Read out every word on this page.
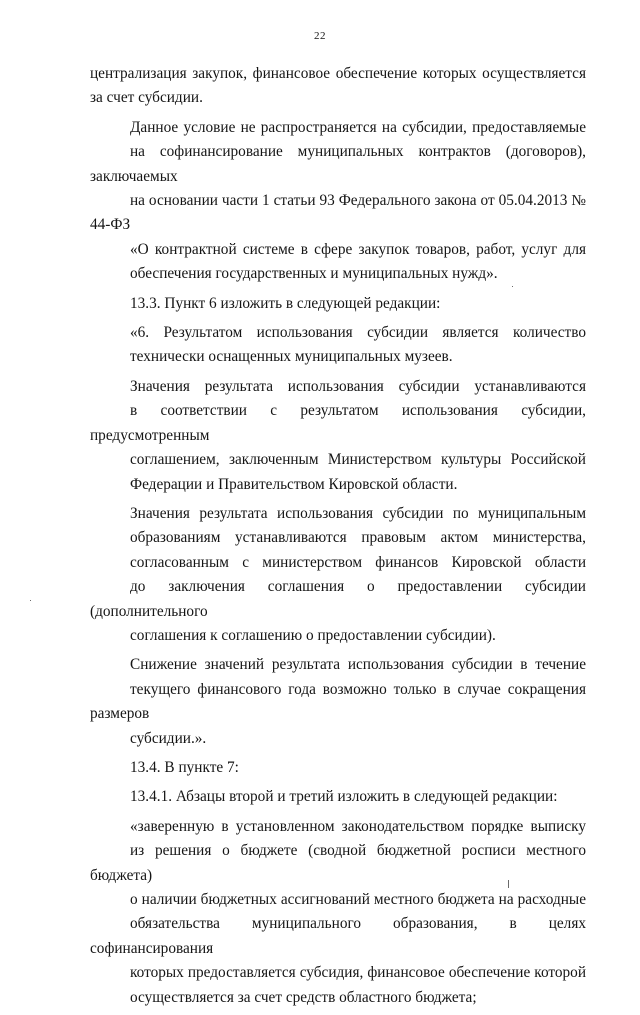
22

централизация закупок, финансовое обеспечение которых осуществляется
за счет субсидии.

Данное условие не распространяется на субсидии, предоставляемые
на софинансирование муниципальных контрактов (договоров), заключаемых
на основании части 1 статьи 93 Федерального закона от 05.04.2013 № 44-ФЗ
«О контрактной системе в сфере закупок товаров, работ, услуг для
обеспечения государственных и муниципальных нужд».

13.3. Пункт 6 изложить в следующей редакции:

«6. Результатом использования субсидии является количество
технически оснащенных муниципальных музеев.

Значения результата использования субсидии устанавливаются
в соответствии с результатом использования субсидии, предусмотренным
соглашением, заключенным Министерством культуры Российской
Федерации и Правительством Кировской области.

Значения результата использования субсидии по муниципальным
образованиям устанавливаются правовым актом министерства,
согласованным с министерством финансов Кировской области
до заключения соглашения о предоставлении субсидии (дополнительного
соглашения к соглашению о предоставлении субсидии).

Снижение значений результата использования субсидии в течение
текущего финансового года возможно только в случае сокращения размеров
субсидии.».

13.4. В пункте 7:

13.4.1. Абзацы второй и третий изложить в следующей редакции:

«заверенную в установленном законодательством порядке выписку
из решения о бюджете (сводной бюджетной росписи местного бюджета)
о наличии бюджетных ассигнований местного бюджета на расходные
обязательства муниципального образования, в целях софинансирования
которых предоставляется субсидия, финансовое обеспечение которой
осуществляется за счет средств областного бюджета;
